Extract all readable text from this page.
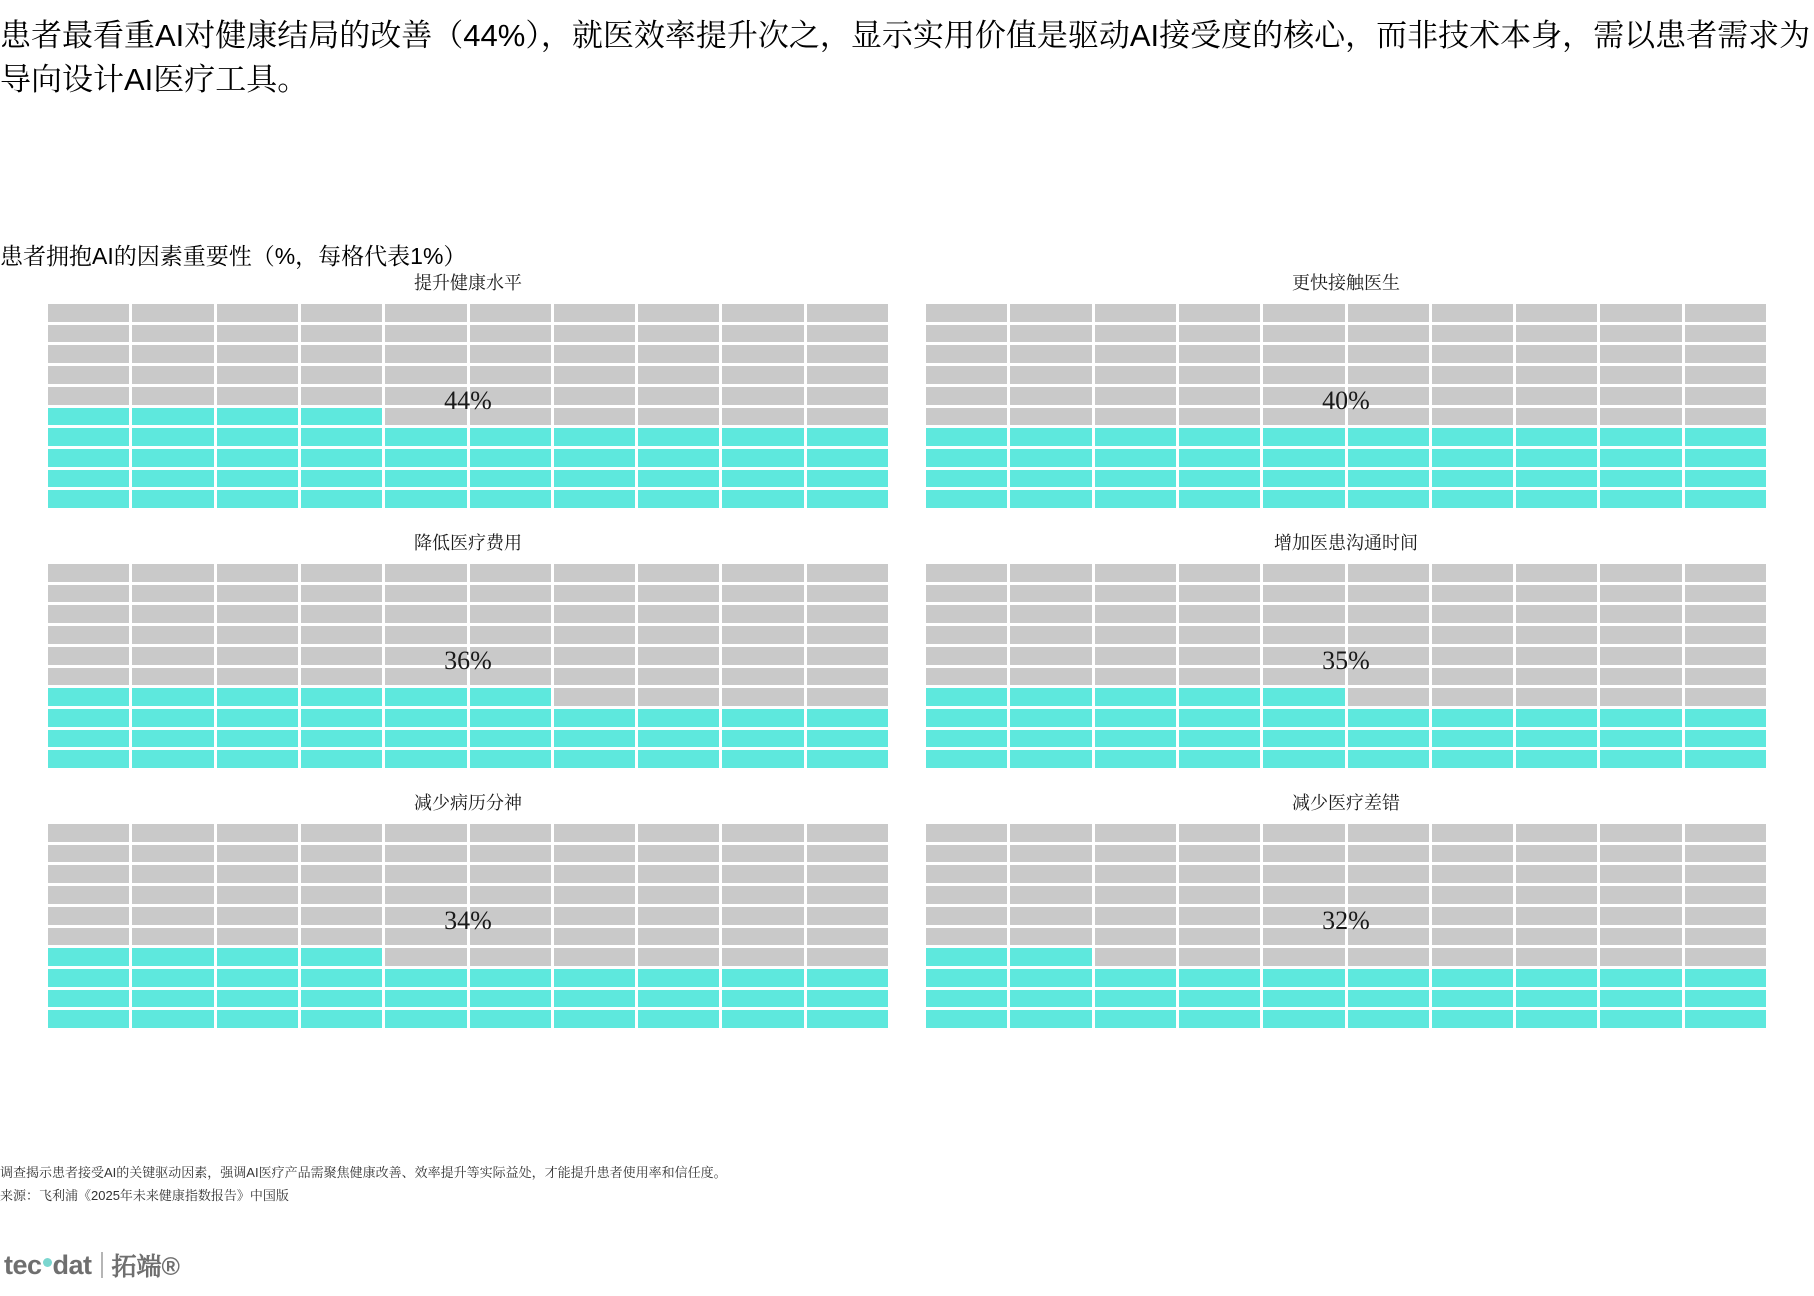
患者最看重AI对健康结局的改善（44%），就医效率提升次之，显示实用价值是驱动AI接受度的核心，而非技术本身，需以患者需求为导向设计AI医疗工具。
患者拥抱AI的因素重要性（%，每格代表1%）
提升健康水平
44%
更快接触医生
40%
降低医疗费用
36%
增加医患沟通时间
35%
减少病历分神
34%
减少医疗差错
32%
调查揭示患者接受AI的关键驱动因素，强调AI医疗产品需聚焦健康改善、效率提升等实际益处，才能提升患者使用率和信任度。
来源：飞利浦《2025年未来健康指数报告》中国版
tec dat 拓端®
